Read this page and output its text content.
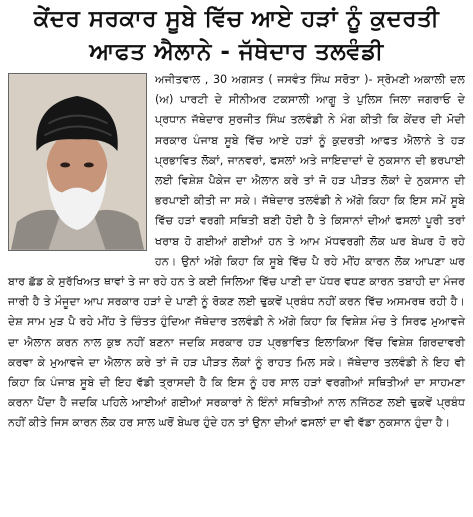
ਕੇਂਦਰ ਸਰਕਾਰ ਸੂਬੇ ਵਿੱਚ ਆਏ ਹੜਾਂ ਨੂੰ ਕੁਦਰਤੀ
ਆਫਤ ਐਲਾਨੇ - ਜੱਥੇਦਾਰ ਤਲਵੰਡੀ

ਅਜੀਤਵਾਲ , 30 ਅਗਸਤ ( ਜਸਵੰਤ ਸਿੰਘ ਸਰੋਤਾ )- ਸ੍ਰੋਮਣੀ ਅਕਾਲੀ ਦਲ (ਅ) ਪਾਰਟੀ ਦੇ ਸੀਨੀਅਰ ਟਕਸਾਲੀ ਆਗੂ ਤੇ ਪੁਲਿਸ ਜਿਲਾ ਜਗਰਾਓ ਦੇ ਪ੍ਰਧਾਨ ਜੱਥੇਦਾਰ ਸੁਰਜੀਤ ਸਿੰਘ ਤਲਵੰਡੀ ਨੇ ਮੰਗ ਕੀਤੀ ਕਿ ਕੇਂਦਰ ਦੀ ਮੋਦੀ ਸਰਕਾਰ ਪੰਜਾਬ ਸੂਬੇ ਵਿੱਚ ਆਏ ਹੜਾਂ ਨੂੰ ਕੁਦਰਤੀ ਆਫਤ ਐਲਾਨੇ ਤੇ ਹੜ ਪ੍ਰਭਾਵਿਤ ਲੋਕਾਂ, ਜਾਨਵਰਾਂ, ਫਸਲਾਂ ਅਤੇ ਜਾਇਦਾਦਾਂ ਦੇ ਨੁਕਸਾਨ ਦੀ ਭਰਪਾਈ ਲਈ ਵਿਸ਼ੇਸ਼ ਪੈਕੇਜ ਦਾ ਐਲਾਨ ਕਰੇ ਤਾਂ ਜੋ ਹੜ ਪੀੜਤ ਲੋਕਾਂ ਦੇ ਨੁਕਸਾਨ ਦੀ ਭਰਪਾਈ ਕੀਤੀ ਜਾ ਸਕੇ। ਜੱਥੇਦਾਰ ਤਲਵੰਡੀ ਨੇ ਅੱਗੇ ਕਿਹਾ ਕਿ ਇਸ ਸਮੇਂ ਸੂਬੇ ਵਿੱਚ ਹੜਾਂ ਵਰਗੀ ਸਥਿਤੀ ਬਣੀ ਹੋਈ ਹੈ ਤੇ ਕਿਸਾਨਾਂ ਦੀਆਂ ਫਸਲਾਂ ਪੂਰੀ ਤਰਾਂ ਖਰਾਬ ਹੋ ਗਈਆਂ ਗਈਆਂ ਹਨ ਤੇ ਆਮ ਮੱਧਵਰਗੀ ਲੋਕ ਘਰ ਬੇਘਰ ਹੋ ਰਹੇ ਹਨ। ਉਨਾਂ ਅੱਗੇ ਕਿਹਾ ਕਿ ਸੂਬੇ ਵਿੱਚ ਪੈ ਰਹੇ ਮੀਂਹ ਕਾਰਨ ਲੋਕ ਆਪਣਾ ਘਰ ਬਾਰ ਛੱਡ ਕੇ ਸੁਰੱਖਿਅਤ ਥਾਵਾਂ ਤੇ ਜਾ ਰਹੇ ਹਨ ਤੇ ਕਈ ਜਿਲਿਆ ਵਿੱਚ ਪਾਣੀ ਦਾ ਪੱਧਰ ਵਧਣ ਕਾਰਨ ਤਬਾਹੀ ਦਾ ਮੰਜਰ ਜਾਰੀ ਹੈ ਤੇ ਮੌਜੂਦਾ ਆਪ ਸਰਕਾਰ ਹੜਾਂ ਦੇ ਪਾਣੀ ਨੂੰ ਰੋਕਣ ਲਈ ਢੁਕਵੇਂ ਪ੍ਰਬੰਧ ਨਹੀਂ ਕਰਨ ਵਿੱਚ ਅਸਮਰਥ ਰਹੀ ਹੈ। ਦੇਸ਼ ਸਾਮ ਮੁੜ ਪੈ ਰਹੇ ਮੀਂਹ ਤੇ ਚਿੰਤਤ ਹੁੰਦਿਆ ਜੱਥੇਦਾਰ ਤਲਵੰਡੀ ਨੇ ਅੱਗੇ ਕਿਹਾ ਕਿ ਵਿਸ਼ੇਸ਼ ਮੰਚ ਤੇ ਸਿਰਫ ਮੁਆਵਜੇ ਦਾ ਐਲਾਨ ਕਰਨ ਨਾਲ ਕੁਝ ਨਹੀਂ ਬਣਨਾ ਜਦਕਿ ਸਰਕਾਰ ਹੜ ਪ੍ਰਭਾਵਿਤ ਇਲਾਕਿਆ ਵਿੱਚ ਵਿਸ਼ੇਸ਼ ਗਿਰਦਾਵਰੀ ਕਰਵਾ ਕੇ ਮੁਆਵਜੇ ਦਾ ਐਲਾਨ ਕਰੇ ਤਾਂ ਜੋ ਹੜ ਪੀੜਤ ਲੋਕਾਂ ਨੂੰ ਰਾਹਤ ਮਿਲ ਸਕੇ। ਜੱਥੇਦਾਰ ਤਲਵੰਡੀ ਨੇ ਇਹ ਵੀ ਕਿਹਾ ਕਿ ਪੰਜਾਬ ਸੂਬੇ ਦੀ ਇਹ ਵੱਡੀ ਤ੍ਰਾਸਦੀ ਹੈ ਕਿ ਇਸ ਨੂੰ ਹਰ ਸਾਲ ਹੜਾਂ ਵਰਗੀਆਂ ਸਥਿਤੀਆਂ ਦਾ ਸਾਹਮਣਾ ਕਰਨਾ ਪੈਂਦਾ ਹੈ ਜਦਕਿ ਪਹਿਲੇ ਆਈਆਂ ਗਈਆਂ ਸਰਕਾਰਾਂ ਨੇ ਇੰਨਾਂ ਸਥਿਤੀਆਂ ਨਾਲ ਨਜਿੱਠਣ ਲਈ ਢੁਕਵੇਂ ਪ੍ਰਬੰਧ ਨਹੀਂ ਕੀਤੇ ਜਿਸ ਕਾਰਨ ਲੋਕ ਹਰ ਸਾਲ ਘਰੋਂ ਬੇਘਰ ਹੁੰਦੇ ਹਨ ਤਾਂ ਉਨਾ ਦੀਆਂ ਫਸਲਾਂ ਦਾ ਵੀ ਵੱਡਾ ਨੁਕਸਾਨ ਹੁੰਦਾ ਹੈ।
